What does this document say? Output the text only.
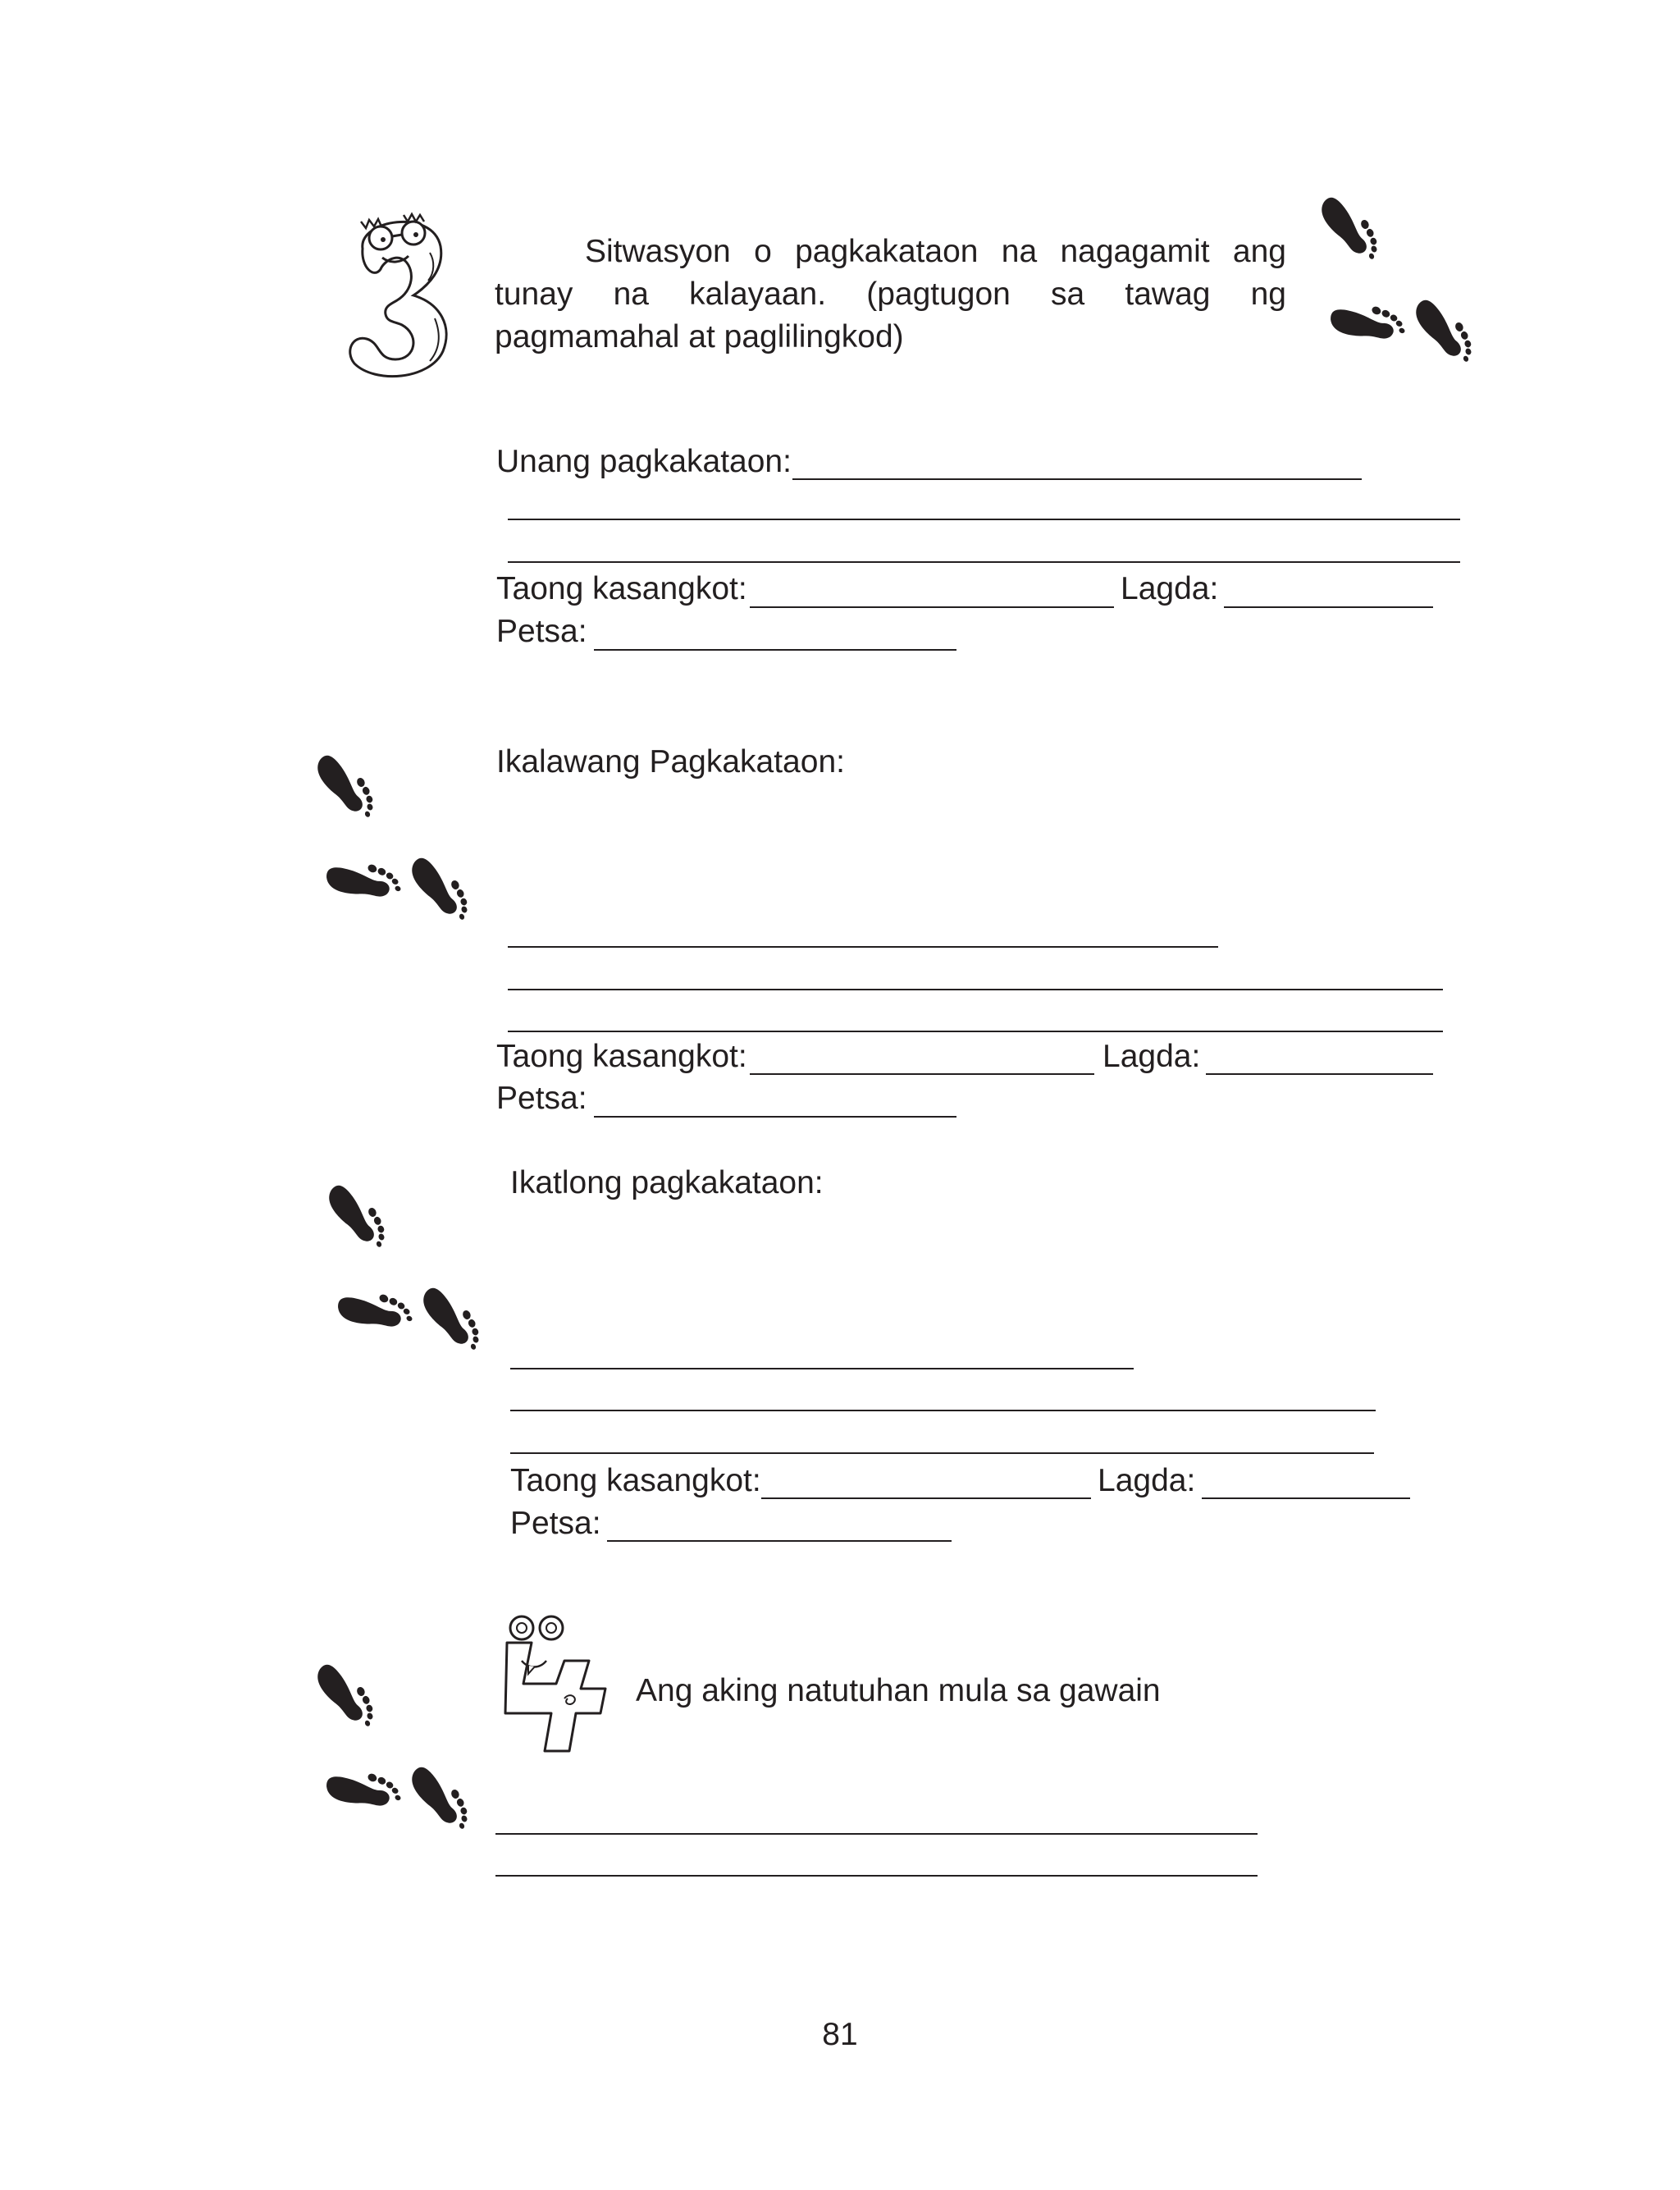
Sitwasyon o pagkakataon na nagagamit ang tunay na kalayaan. (pagtugon sa tawag ng pagmamahal at paglilingkod)
Unang pagkakataon:
Taong kasangkot:	Lagda:
Petsa:
Ikalawang Pagkakataon:
Taong kasangkot:	Lagda:
Petsa:
Ikatlong pagkakataon:
Taong kasangkot:	Lagda:
Petsa:
Ang aking natutuhan mula sa gawain
81
